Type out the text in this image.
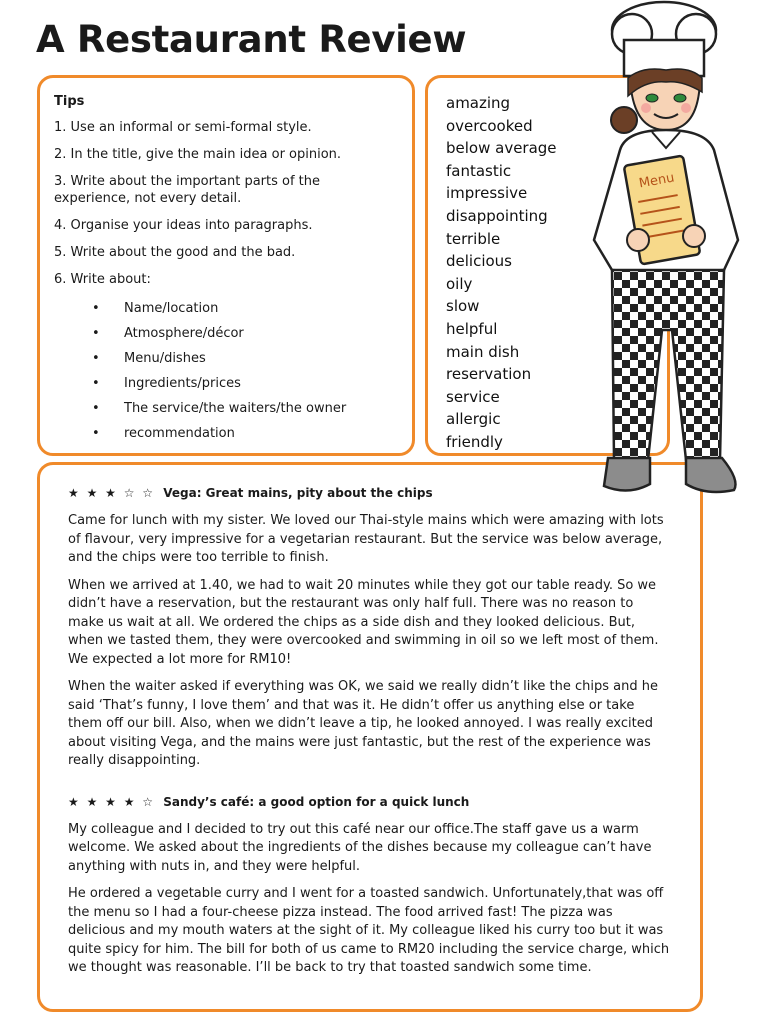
A Restaurant Review
Tips
1. Use an informal or semi-formal style.
2. In the title, give the main idea or opinion.
3. Write about the important parts of the experience, not every detail.
4. Organise your ideas into paragraphs.
5. Write about the good and the bad.
6. Write about:
• Name/location
• Atmosphere/décor
• Menu/dishes
• Ingredients/prices
• The service/the waiters/the owner
• recommendation
amazing
overcooked
below average
fantastic
impressive
disappointing
terrible
delicious
oily
slow
helpful
main dish
reservation
service
allergic
friendly
★ ★ ★ ☆ ☆ Vega: Great mains, pity about the chips

Came for lunch with my sister. We loved our Thai-style mains which were amazing with lots of flavour, very impressive for a vegetarian restaurant. But the service was below average, and the chips were too terrible to finish.

When we arrived at 1.40, we had to wait 20 minutes while they got our table ready. So we didn’t have a reservation, but the restaurant was only half full. There was no reason to make us wait at all. We ordered the chips as a side dish and they looked delicious. But, when we tasted them, they were overcooked and swimming in oil so we left most of them. We expected a lot more for RM10!

When the waiter asked if everything was OK, we said we really didn’t like the chips and he said ‘That’s funny, I love them’ and that was it. He didn’t offer us anything else or take them off our bill. Also, when we didn’t leave a tip, he looked annoyed. I was really excited about visiting Vega, and the mains were just fantastic, but the rest of the experience was really disappointing.

★ ★ ★ ★ ☆ Sandy’s café: a good option for a quick lunch

My colleague and I decided to try out this café near our office.The staff gave us a warm welcome. We asked about the ingredients of the dishes because my colleague can’t have anything with nuts in, and they were helpful.

He ordered a vegetable curry and I went for a toasted sandwich. Unfortunately,that was off the menu so I had a four-cheese pizza instead. The food arrived fast! The pizza was delicious and my mouth waters at the sight of it. My colleague liked his curry too but it was quite spicy for him. The bill for both of us came to RM20 including the service charge, which we thought was reasonable. I’ll be back to try that toasted sandwich some time.

Menu
